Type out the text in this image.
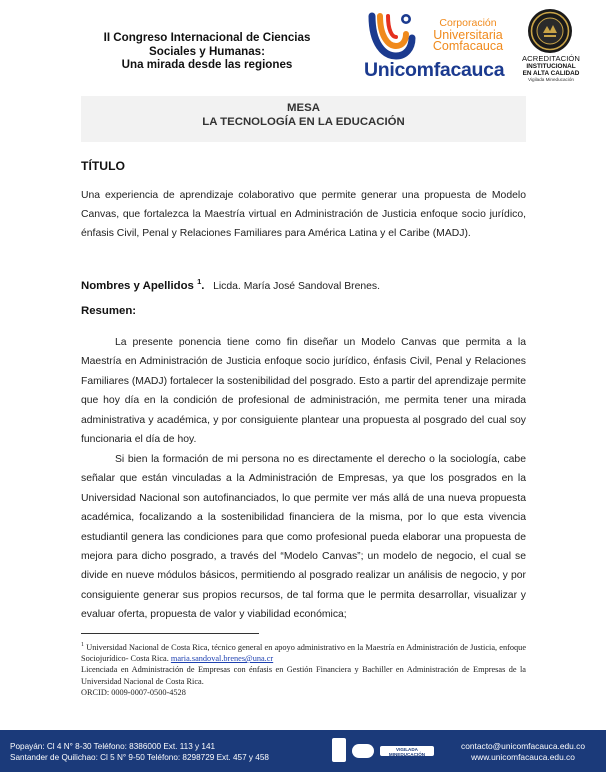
II Congreso Internacional de Ciencias
Sociales y Humanas:
Una mirada desde las regiones
Corporación
Universitaria
Comfacauca
Unicomfacauca
ACREDITACIÓN
INSTITUCIONAL
EN ALTA CALIDAD
Vigilada Mineducación
MESA
LA TECNOLOGÍA EN LA EDUCACIÓN
TÍTULO
Una experiencia de aprendizaje colaborativo que permite generar una propuesta de Modelo Canvas, que fortalezca la Maestría virtual en Administración de Justicia enfoque socio jurídico, énfasis Civil, Penal y Relaciones Familiares para América Latina y el Caribe (MADJ).
Nombres y Apellidos $^1$. Licda. María José Sandoval Brenes.
Resumen:
La presente ponencia tiene como fin diseñar un Modelo Canvas que permita a la Maestría en Administración de Justicia enfoque socio jurídico, énfasis Civil, Penal y Relaciones Familiares (MADJ) fortalecer la sostenibilidad del posgrado. Esto a partir del aprendizaje permite que hoy día en la condición de profesional de administración, me permita tener una mirada administrativa y académica, y por consiguiente plantear una propuesta al posgrado del cual soy funcionaria el día de hoy.
Si bien la formación de mi persona no es directamente el derecho o la sociología, cabe señalar que están vinculadas a la Administración de Empresas, ya que los posgrados en la Universidad Nacional son autofinanciados, lo que permite ver más allá de una nueva propuesta académica, focalizando a la sostenibilidad financiera de la misma, por lo que esta vivencia estudiantil genera las condiciones para que como profesional pueda elaborar una propuesta de mejora para dicho posgrado, a través del “Modelo Canvas”; un modelo de negocio, el cual se divide en nueve módulos básicos, permitiendo al posgrado realizar un análisis de negocio, y por consiguiente generar sus propios recursos, de tal forma que le permita desarrollar, visualizar y evaluar oferta, propuesta de valor y viabilidad económica;
$^1$ Universidad Nacional de Costa Rica, técnico general en apoyo administrativo en la Maestría en Administración de Justicia, enfoque Sociojurídico- Costa Rica. maria.sandoval.brenes@una.cr
Licenciada en Administración de Empresas con énfasis en Gestión Financiera y Bachiller en Administración de Empresas de la Universidad Nacional de Costa Rica.
ORCID: 0009-0007-0500-4528
Popayán: Cl 4 N° 8-30 Teléfono: 8386000 Ext. 113 y 141
Santander de Quilichao: Cl 5 N° 9-50 Teléfono: 8298729 Ext. 457 y 458
VIGILADA MINEDUCACIÓN
contacto@unicomfacauca.edu.co
www.unicomfacauca.edu.co
